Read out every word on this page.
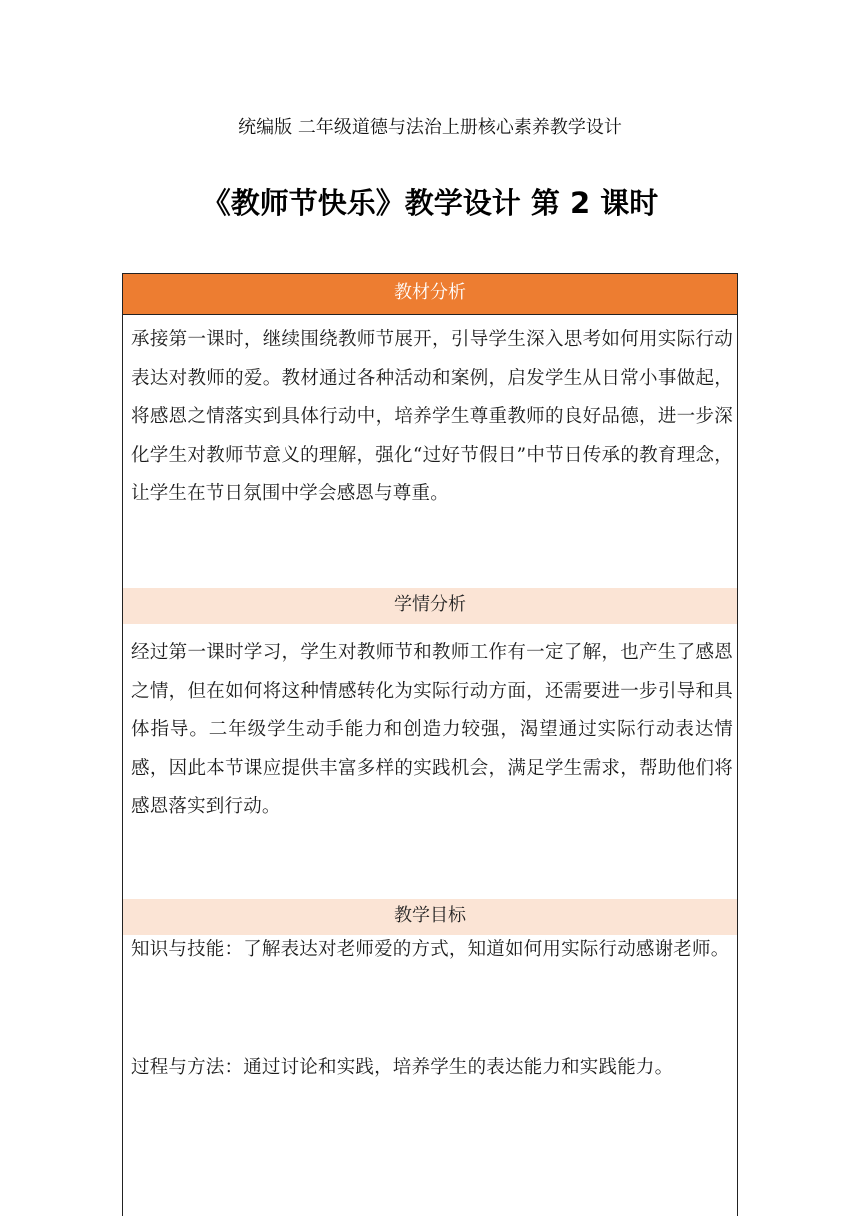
统编版 二年级道德与法治上册核心素养教学设计
《教师节快乐》教学设计 第 2 课时
教材分析
承接第一课时，继续围绕教师节展开，引导学生深入思考如何用实际行动表达对教师的爱。教材通过各种活动和案例，启发学生从日常小事做起，将感恩之情落实到具体行动中，培养学生尊重教师的良好品德，进一步深化学生对教师节意义的理解，强化“过好节假日”中节日传承的教育理念，让学生在节日氛围中学会感恩与尊重。
学情分析
经过第一课时学习，学生对教师节和教师工作有一定了解，也产生了感恩之情，但在如何将这种情感转化为实际行动方面，还需要进一步引导和具体指导。二年级学生动手能力和创造力较强，渴望通过实际行动表达情感，因此本节课应提供丰富多样的实践机会，满足学生需求，帮助他们将感恩落实到行动。
教学目标
知识与技能：了解表达对老师爱的方式，知道如何用实际行动感谢老师。
过程与方法：通过讨论和实践，培养学生的表达能力和实践能力。
